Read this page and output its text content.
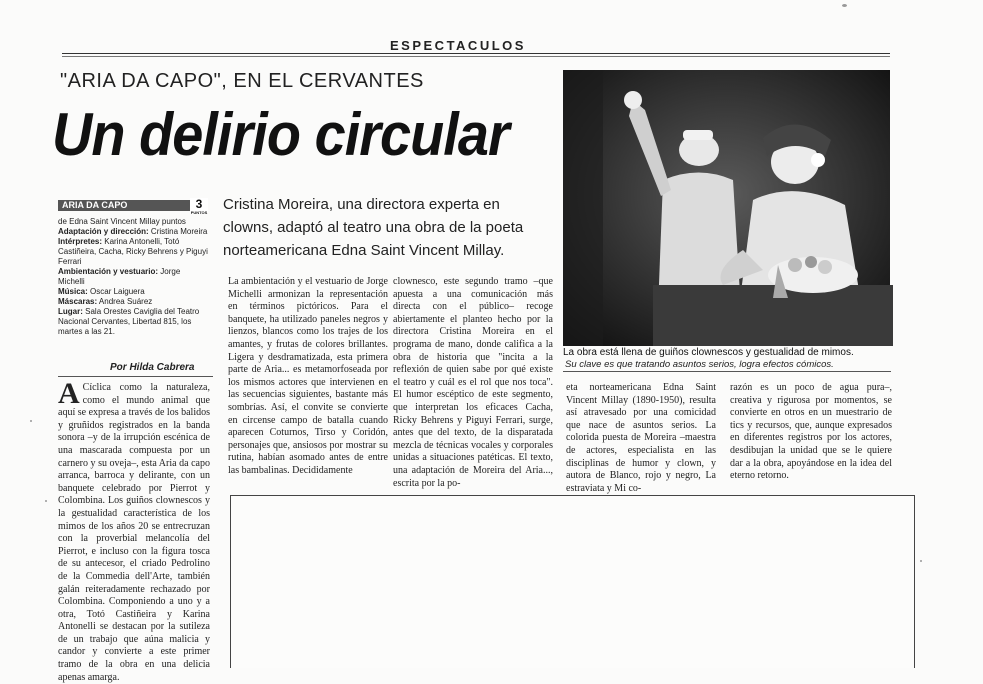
ESPECTACULOS
"ARIA DA CAPO", EN EL CERVANTES
Un delirio circular
Cristina Moreira, una directora experta en clowns, adaptó al teatro una obra de la poeta norteamericana Edna Saint Vincent Millay.
ARIA DA CAPO	3
PUNTOS
de Edna Saint Vincent Millay puntos
Adaptación y dirección: Cristina Moreira
Intérpretes: Karina Antonelli, Totó Castiñeira, Cacha, Ricky Behrens y Piguyi Ferrari
Ambientación y vestuario: Jorge Michelli
Música: Oscar Laiguera
Máscaras: Andrea Suárez
Lugar: Sala Orestes Caviglia del Teatro Nacional Cervantes, Libertad 815, los martes a las 21.
Por Hilda Cabrera
A Cíclica como la naturaleza, como el mundo animal que aquí se expresa a través de los balidos y gruñidos registrados en la banda sonora –y de la irrupción escénica de una mascarada compuesta por un carnero y su oveja–, esta Aria da capo arranca, barroca y delirante, con un banquete celebrado por Pierrot y Colombina. Los guiños clownescos y la gestualidad característica de los mimos de los años 20 se entrecruzan con la proverbial melancolía del Pierrot, e incluso con la figura tosca de su antecesor, el criado Pedrolino de la Commedia dell'Arte, también galán reiteradamente rechazado por Colombina. Componiendo a uno y a otra, Totó Castiñeira y Karina Antonelli se destacan por la sutileza de un trabajo que aúna malicia y candor y convierte a este primer tramo de la obra en una delicia apenas amarga.
La ambientación y el vestuario de Jorge Michelli armonizan la representación en términos pictóricos. Para el banquete, ha utilizado paneles negros y lienzos, blancos como los trajes de los amantes, y frutas de colores brillantes. Ligera y desdramatizada, esta primera parte de Aria... es metamorfoseada por los mismos actores que intervienen en las secuencias siguientes, bastante más sombrías. Así, el convite se convierte en circense campo de batalla cuando aparecen Coturnos, Tirso y Coridón, personajes que, ansiosos por mostrar su rutina, habían asomado antes de entre las bambalinas. Decididamente
clownesco, este segundo tramo –que apuesta a una comunicación más directa con el público– recoge abiertamente el planteo hecho por la directora Cristina Moreira en el programa de mano, donde califica a la obra de historia que "incita a la reflexión de quien sabe por qué existe el teatro y cuál es el rol que nos toca". El humor escéptico de este segmento, que interpretan los eficaces Cacha, Ricky Behrens y Piguyi Ferrari, surge, antes que del texto, de la disparatada mezcla de técnicas vocales y corporales unidas a situaciones patéticas. El texto, una adaptación de Moreira del Aria..., escrita por la po-
La obra está llena de guiños clownescos y gestualidad de mimos.
Su clave es que tratando asuntos serios, logra efectos cómicos.
eta norteamericana Edna Saint Vincent Millay (1890-1950), resulta así atravesado por una comicidad que nace de asuntos serios. La colorida puesta de Moreira –maestra de actores, especialista en las disciplinas de humor y clown, y autora de Blanco, rojo y negro, La estraviata y Mi co-
razón es un poco de agua pura–, creativa y rigurosa por momentos, se convierte en otros en un muestrario de tics y recursos, que, aunque expresados en diferentes registros por los actores, desdibujan la unidad que se le quiere dar a la obra, apoyándose en la idea del eterno retorno.
